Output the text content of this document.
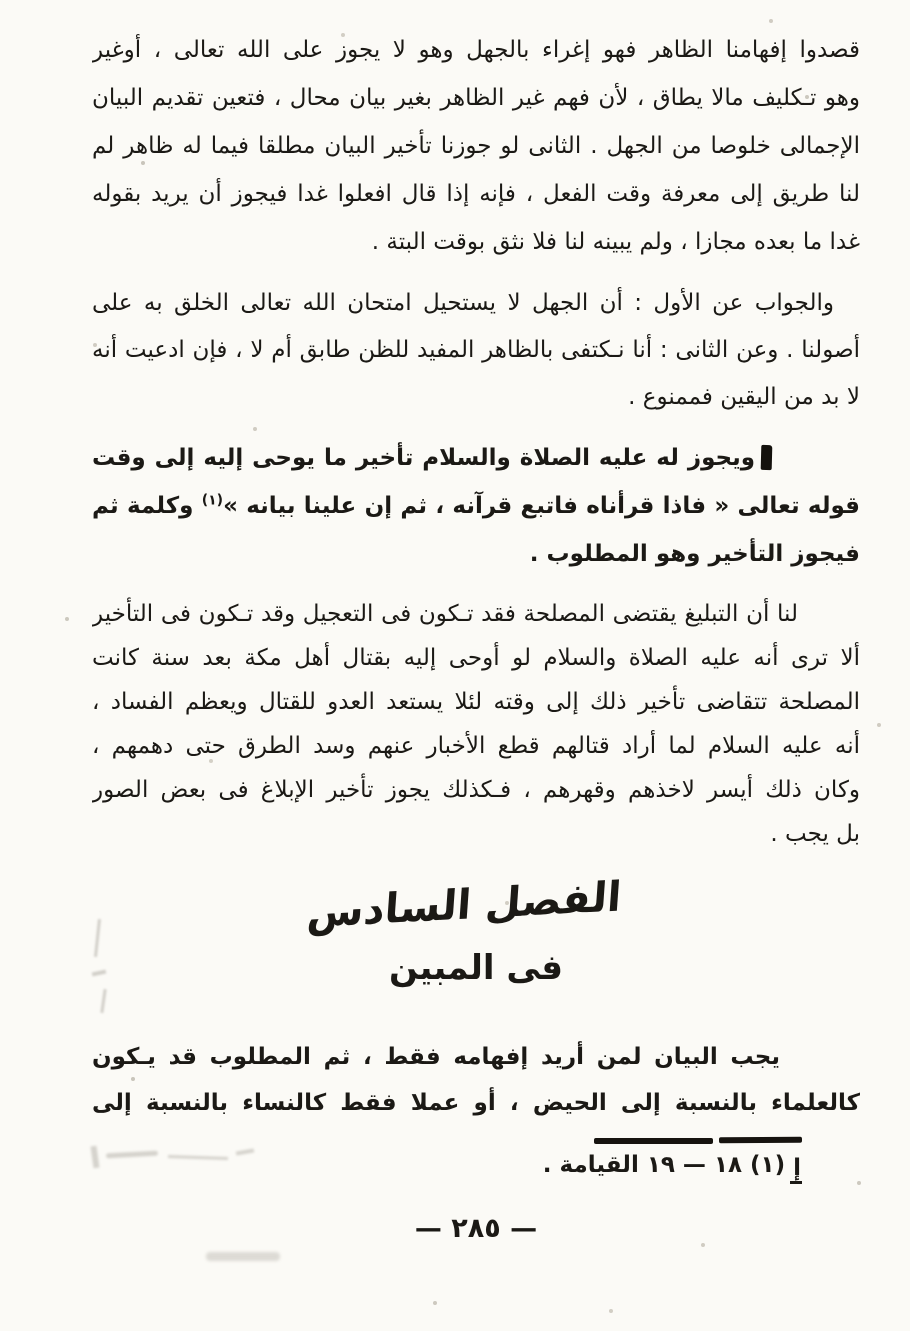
قصدوا إفهامنا الظاهر فهو إغراء بالجهل وهو لا يجوز على الله تعالى ، أوغير
وهو تـكليف مالا يطاق ، لأن فهم غير الظاهر بغير بيان محال ، فتعين تقديم البيان
الإجمالى خلوصا من الجهل . الثانى لو جوزنا تأخير البيان مطلقا فيما له ظاهر لم
لنا طريق إلى معرفة وقت الفعل ، فإنه إذا قال افعلوا غدا فيجوز أن يريد بقوله
غدا ما بعده مجازا ، ولم يبينه لنا فلا نثق بوقت البتة .
والجواب عن الأول : أن الجهل لا يستحيل امتحان الله تعالى الخلق به على
أصولنا . وعن الثانى : أنا نـكتفى بالظاهر المفيد للظن طابق أم لا ، فإن ادعيت أنه
لا بد من اليقين فممنوع .
ويجوز له عليه الصلاة والسلام تأخير ما يوحى إليه إلى وقت
قوله تعالى « فاذا قرأناه فاتبع قرآنه ، ثم إن علينا بيانه »$^{(١)}$ وكلمة ثم
فيجوز التأخير وهو المطلوب .
لنا أن التبليغ يقتضى المصلحة فقد تـكون فى التعجيل وقد تـكون فى التأخير
ألا ترى أنه عليه الصلاة والسلام لو أوحى إليه بقتال أهل مكة بعد سنة كانت
المصلحة تتقاضى تأخير ذلك إلى وقته لئلا يستعد العدو للقتال ويعظم الفساد ،
أنه عليه السلام لما أراد قتالهم قطع الأخبار عنهم وسد الطرق حتى دهمهم ،
وكان ذلك أيسر لاخذهم وقهرهم ، فـكذلك يجوز تأخير الإبلاغ فى بعض الصور
بل يجب .
الفصل السادس
فى المبين
يجب البيان لمن أريد إفهامه فقط ، ثم المطلوب قد يـكون
كالعلماء بالنسبة إلى الحيض ، أو عملا فقط كالنساء بالنسبة إلى
إ(١) ١٨ — ١٩ القيامة .
— ٢٨٥ —
